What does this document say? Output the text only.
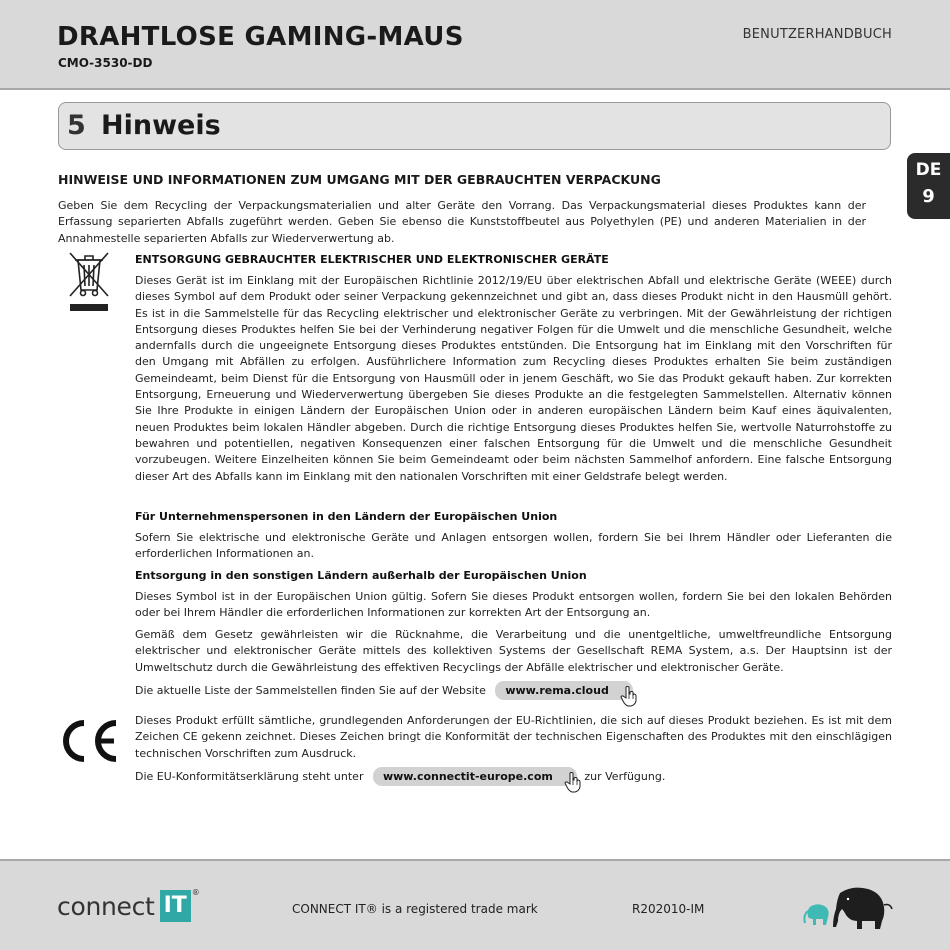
DRAHTLOSE GAMING-MAUS
CMO-3530-DD
BENUTZERHANDBUCH
5 Hinweis
DE
9
HINWEISE UND INFORMATIONEN ZUM UMGANG MIT DER GEBRAUCHTEN VERPACKUNG
Geben Sie dem Recycling der Verpackungsmaterialien und alter Geräte den Vorrang. Das Verpackungsmaterial dieses Produktes kann der Erfassung separierten Abfalls zugeführt werden. Geben Sie ebenso die Kunststoffbeutel aus Polyethylen (PE) und anderen Materialien in der Annahmestelle separierten Abfalls zur Wiederverwertung ab.
ENTSORGUNG GEBRAUCHTER ELEKTRISCHER UND ELEKTRONISCHER GERÄTE
Dieses Gerät ist im Einklang mit der Europäischen Richtlinie 2012/19/EU über elektrischen Abfall und elektrische Geräte (WEEE) durch dieses Symbol auf dem Produkt oder seiner Verpackung gekennzeichnet und gibt an, dass dieses Produkt nicht in den Hausmüll gehört. Es ist in die Sammelstelle für das Recycling elektrischer und elektronischer Geräte zu verbringen. Mit der Gewährleistung der richtigen Entsorgung dieses Produktes helfen Sie bei der Verhinderung negativer Folgen für die Umwelt und die menschliche Gesundheit, welche andernfalls durch die ungeeignete Entsorgung dieses Produktes entstünden. Die Entsorgung hat im Einklang mit den Vorschriften für den Umgang mit Abfällen zu erfolgen. Ausführlichere Information zum Recycling dieses Produktes erhalten Sie beim zuständigen Gemeindeamt, beim Dienst für die Entsorgung von Hausmüll oder in jenem Geschäft, wo Sie das Produkt gekauft haben. Zur korrekten Entsorgung, Erneuerung und Wiederverwertung übergeben Sie dieses Produkte an die festgelegten Sammelstellen. Alternativ können Sie Ihre Produkte in einigen Ländern der Europäischen Union oder in anderen europäischen Ländern beim Kauf eines äquivalenten, neuen Produktes beim lokalen Händler abgeben. Durch die richtige Entsorgung dieses Produktes helfen Sie, wertvolle Naturrohstoffe zu bewahren und potentiellen, negativen Konsequenzen einer falschen Entsorgung für die Umwelt und die menschliche Gesundheit vorzubeugen. Weitere Einzelheiten können Sie beim Gemeindeamt oder beim nächsten Sammelhof anfordern. Eine falsche Entsorgung dieser Art des Abfalls kann im Einklang mit den nationalen Vorschriften mit einer Geldstrafe belegt werden.
Für Unternehmenspersonen in den Ländern der Europäischen Union
Sofern Sie elektrische und elektronische Geräte und Anlagen entsorgen wollen, fordern Sie bei Ihrem Händler oder Lieferanten die erforderlichen Informationen an.
Entsorgung in den sonstigen Ländern außerhalb der Europäischen Union
Dieses Symbol ist in der Europäischen Union gültig. Sofern Sie dieses Produkt entsorgen wollen, fordern Sie bei den lokalen Behörden oder bei Ihrem Händler die erforderlichen Informationen zur korrekten Art der Entsorgung an.
Gemäß dem Gesetz gewährleisten wir die Rücknahme, die Verarbeitung und die unentgeltliche, umweltfreundliche Entsorgung elektrischer und elektronischer Geräte mittels des kollektiven Systems der Gesellschaft REMA System, a.s. Der Hauptsinn ist der Umweltschutz durch die Gewährleistung des effektiven Recyclings der Abfälle elektrischer und elektronischer Geräte.
Die aktuelle Liste der Sammelstellen finden Sie auf der Website www.rema.cloud
Dieses Produkt erfüllt sämtliche, grundlegenden Anforderungen der EU-Richtlinien, die sich auf dieses Produkt beziehen. Es ist mit dem Zeichen CE gekenn zeichnet. Dieses Zeichen bringt die Konformität der technischen Eigenschaften des Produktes mit den einschlägigen technischen Vorschriften zum Ausdruck.
Die EU-Konformitätserklärung steht unter www.connectit-europe.com	zur Verfügung.
connect IT
®
CONNECT IT® is a registered trade mark	R202010-IM
